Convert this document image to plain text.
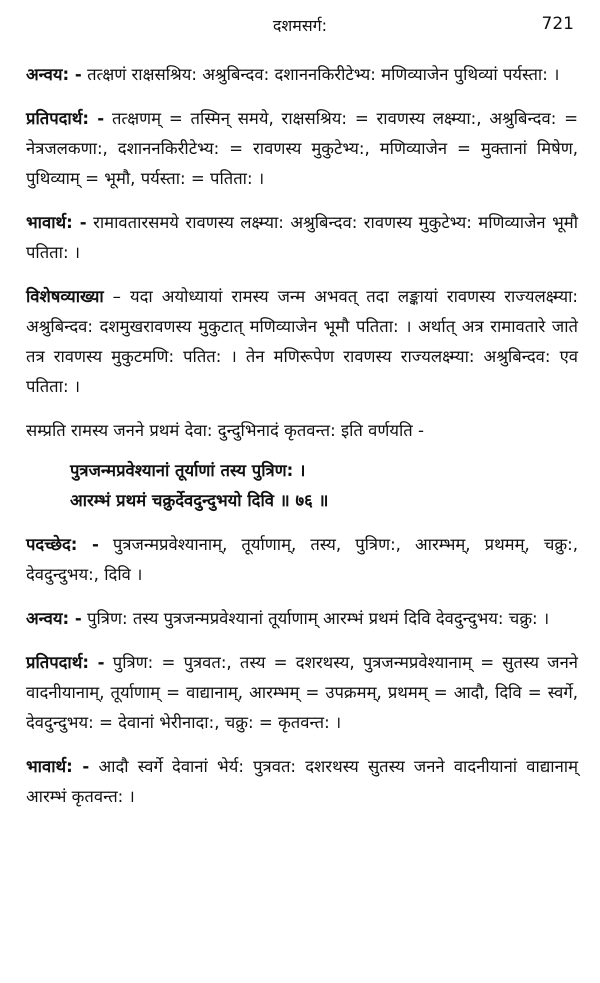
दशमसर्ग:	721

अन्वय: - तत्क्षणं राक्षसश्रिय: अश्रुबिन्दव: दशाननकिरीटेभ्य: मणिव्याजेन पुथिव्यां पर्यस्ता: ।

प्रतिपदार्थ: - तत्क्षणम् = तस्मिन् समये, राक्षसश्रिय: = रावणस्य लक्ष्म्या:, अश्रुबिन्दव: = नेत्रजलकणा:, दशाननकिरीटेभ्य: = रावणस्य मुकुटेभ्य:, मणिव्याजेन = मुक्तानां मिषेण, पुथिव्याम् = भूमौ, पर्यस्ता: = पतिता: ।

भावार्थ: - रामावतारसमये रावणस्य लक्ष्म्या: अश्रुबिन्दव: रावणस्य मुकुटेभ्य: मणिव्याजेन भूमौ पतिता: ।

विशेषव्याख्या – यदा अयोध्यायां रामस्य जन्म अभवत् तदा लङ्कायां रावणस्य राज्यलक्ष्म्या: अश्रुबिन्दव: दशमुखरावणस्य मुकुटात् मणिव्याजेन भूमौ पतिता: । अर्थात् अत्र रामावतारे जाते तत्र रावणस्य मुकुटमणि: पतित: । तेन मणिरूपेण रावणस्य राज्यलक्ष्म्या: अश्रुबिन्दव: एव पतिता: ।

सम्प्रति रामस्य जनने प्रथमं देवा: दुन्दुभिनादं कृतवन्त: इति वर्णयति -

पुत्रजन्मप्रवेश्यानां तूर्याणां तस्य पुत्रिण: ।
आरम्भं प्रथमं चक्रुर्देवदुन्दुभयो दिवि ॥ ७६ ॥

पदच्छेद: - पुत्रजन्मप्रवेश्यानाम्, तूर्याणाम्, तस्य, पुत्रिण:, आरम्भम्, प्रथमम्, चक्रु:, देवदुन्दुभय:, दिवि ।

अन्वय: - पुत्रिण: तस्य पुत्रजन्मप्रवेश्यानां तूर्याणाम् आरम्भं प्रथमं दिवि देवदुन्दुभय: चक्रु: ।

प्रतिपदार्थ: - पुत्रिण: = पुत्रवत:, तस्य = दशरथस्य, पुत्रजन्मप्रवेश्यानाम् = सुतस्य जनने वादनीयानाम्, तूर्याणाम् = वाद्यानाम्, आरम्भम् = उपक्रमम्, प्रथमम् = आदौ, दिवि = स्वर्गे, देवदुन्दुभय: = देवानां भेरीनादा:, चक्रु: = कृतवन्त: ।

भावार्थ: - आदौ स्वर्गे देवानां भेर्य: पुत्रवत: दशरथस्य सुतस्य जनने वादनीयानां वाद्यानाम् आरम्भं कृतवन्त: ।
